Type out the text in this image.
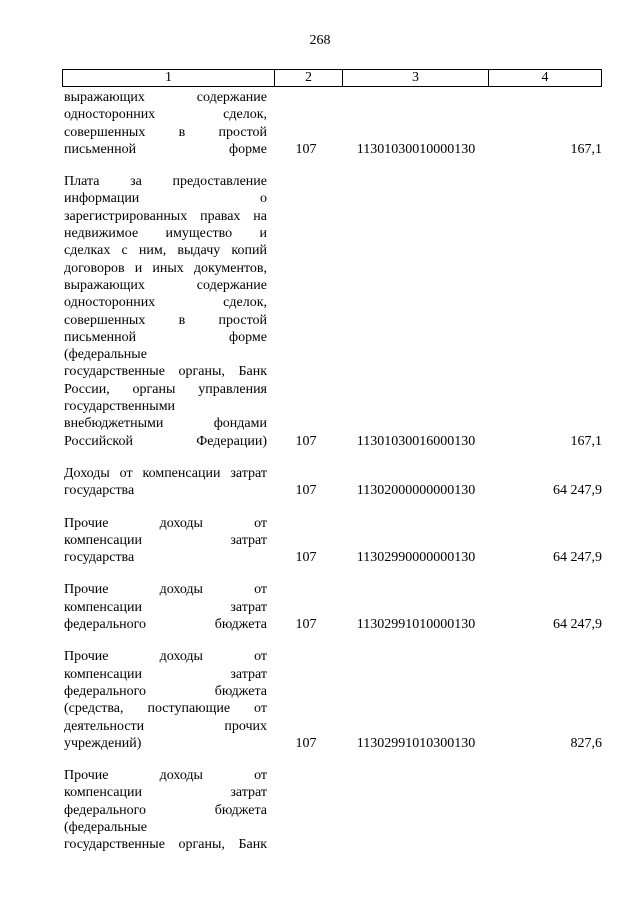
268
1	2	3	4
выражающих содержание
односторонних сделок,
совершенных в простой
письменной форме	107	11301030010000130	167,1
Плата за предоставление
информации о
зарегистрированных правах на
недвижимое имущество и
сделках с ним, выдачу копий
договоров и иных документов,
выражающих содержание
односторонних сделок,
совершенных в простой
письменной форме
(федеральные
государственные органы, Банк
России, органы управления
государственными
внебюджетными фондами
Российской Федерации)	107	11301030016000130	167,1
Доходы от компенсации затрат
государства	107	11302000000000130	64 247,9
Прочие доходы от
компенсации затрат
государства	107	11302990000000130	64 247,9
Прочие доходы от
компенсации затрат
федерального бюджета	107	11302991010000130	64 247,9
Прочие доходы от
компенсации затрат
федерального бюджета
(средства, поступающие от
деятельности прочих
учреждений)	107	11302991010300130	827,6
Прочие доходы от
компенсации затрат
федерального бюджета
(федеральные
государственные органы, Банк
